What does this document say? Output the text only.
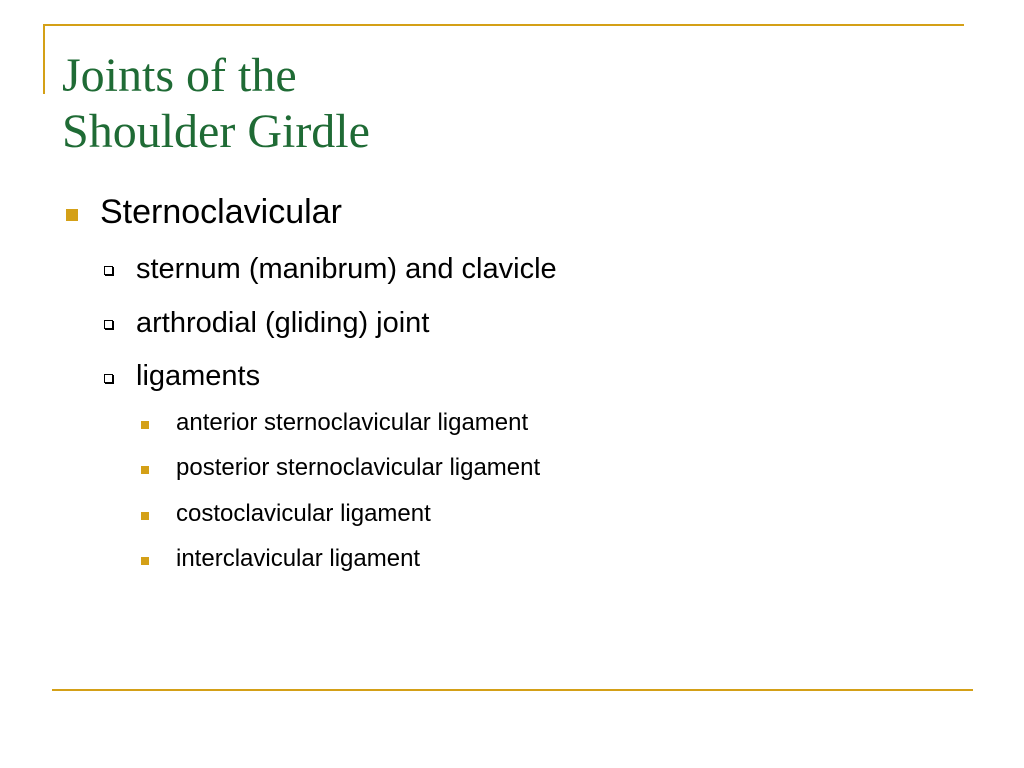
Joints of the
Shoulder Girdle
Sternoclavicular
sternum (manibrum) and clavicle
arthrodial (gliding) joint
ligaments
anterior sternoclavicular ligament
posterior sternoclavicular ligament
costoclavicular ligament
interclavicular ligament
